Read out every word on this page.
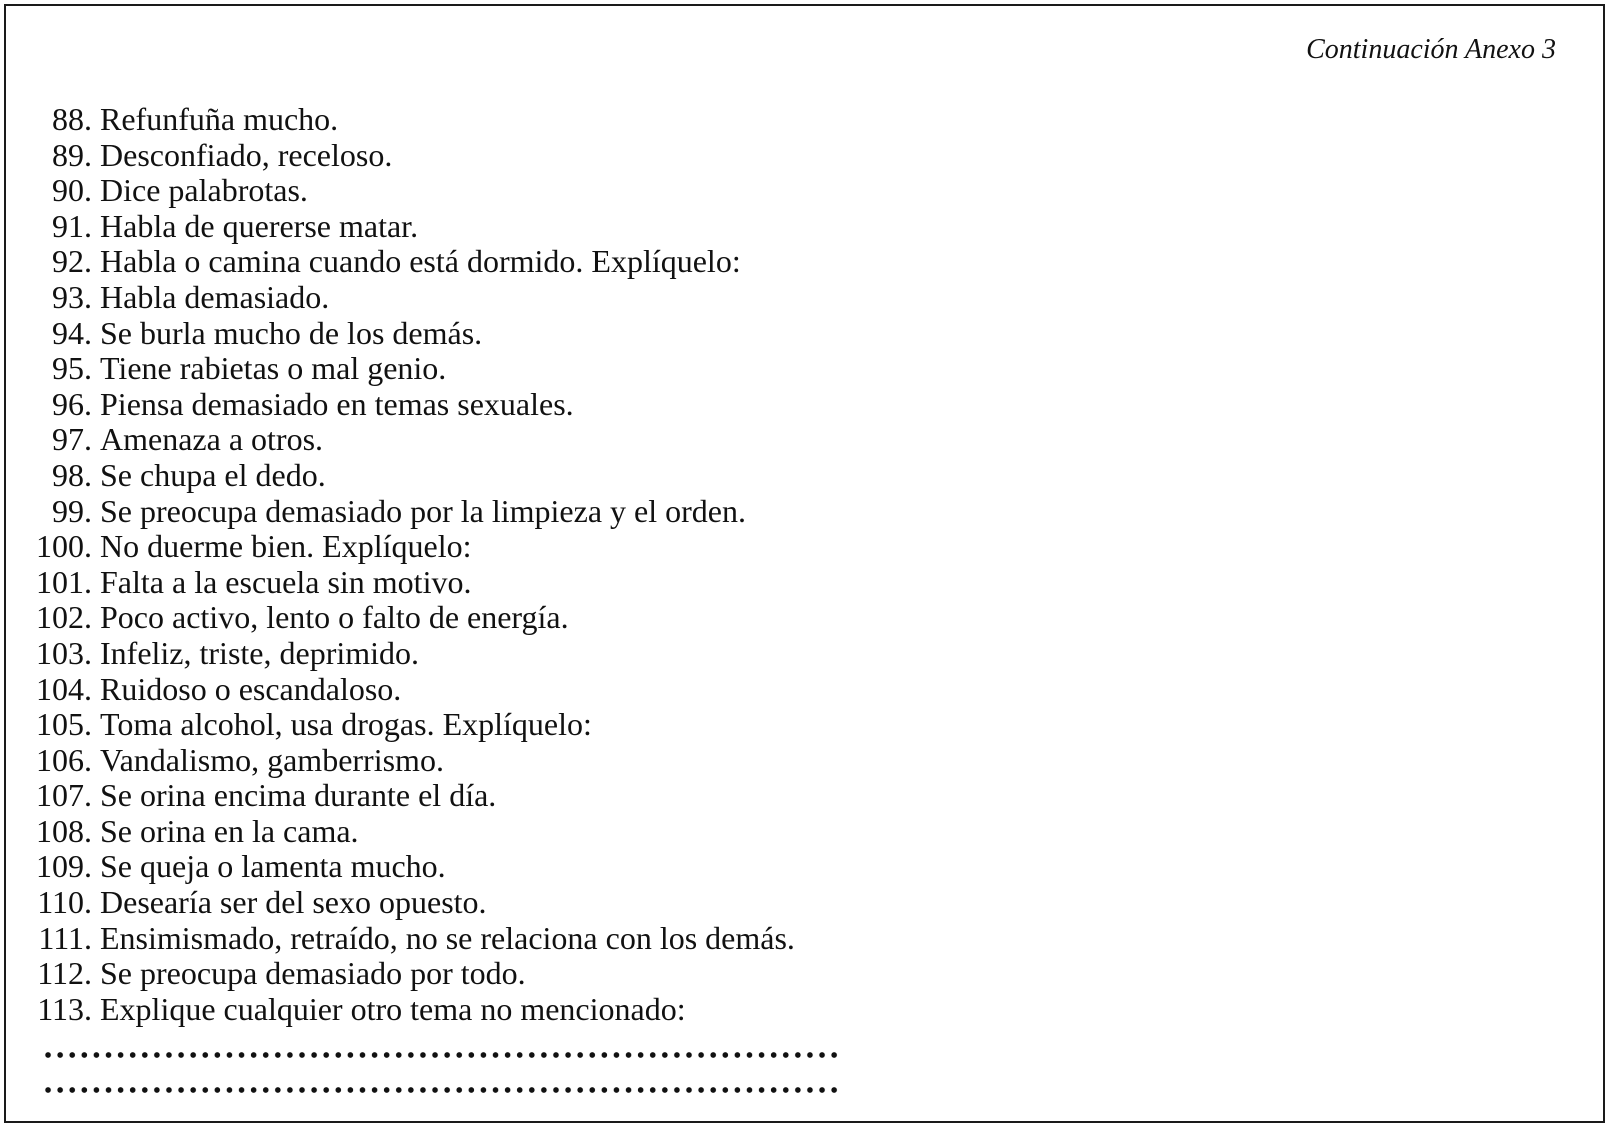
Continuación Anexo 3
88. Refunfuña mucho.
89. Desconfiado, receloso.
90. Dice palabrotas.
91. Habla de quererse matar.
92. Habla o camina cuando está dormido. Explíquelo:
93. Habla demasiado.
94. Se burla mucho de los demás.
95. Tiene rabietas o mal genio.
96. Piensa demasiado en temas sexuales.
97. Amenaza a otros.
98. Se chupa el dedo.
99. Se preocupa demasiado por la limpieza y el orden.
100. No duerme bien. Explíquelo:
101. Falta a la escuela sin motivo.
102. Poco activo, lento o falto de energía.
103. Infeliz, triste, deprimido.
104. Ruidoso o escandaloso.
105. Toma alcohol, usa drogas. Explíquelo:
106. Vandalismo, gamberrismo.
107. Se orina encima durante el día.
108. Se orina en la cama.
109. Se queja o lamenta mucho.
110. Desearía ser del sexo opuesto.
111. Ensimismado, retraído, no se relaciona con los demás.
112. Se preocupa demasiado por todo.
113. Explique cualquier otro tema no mencionado:
